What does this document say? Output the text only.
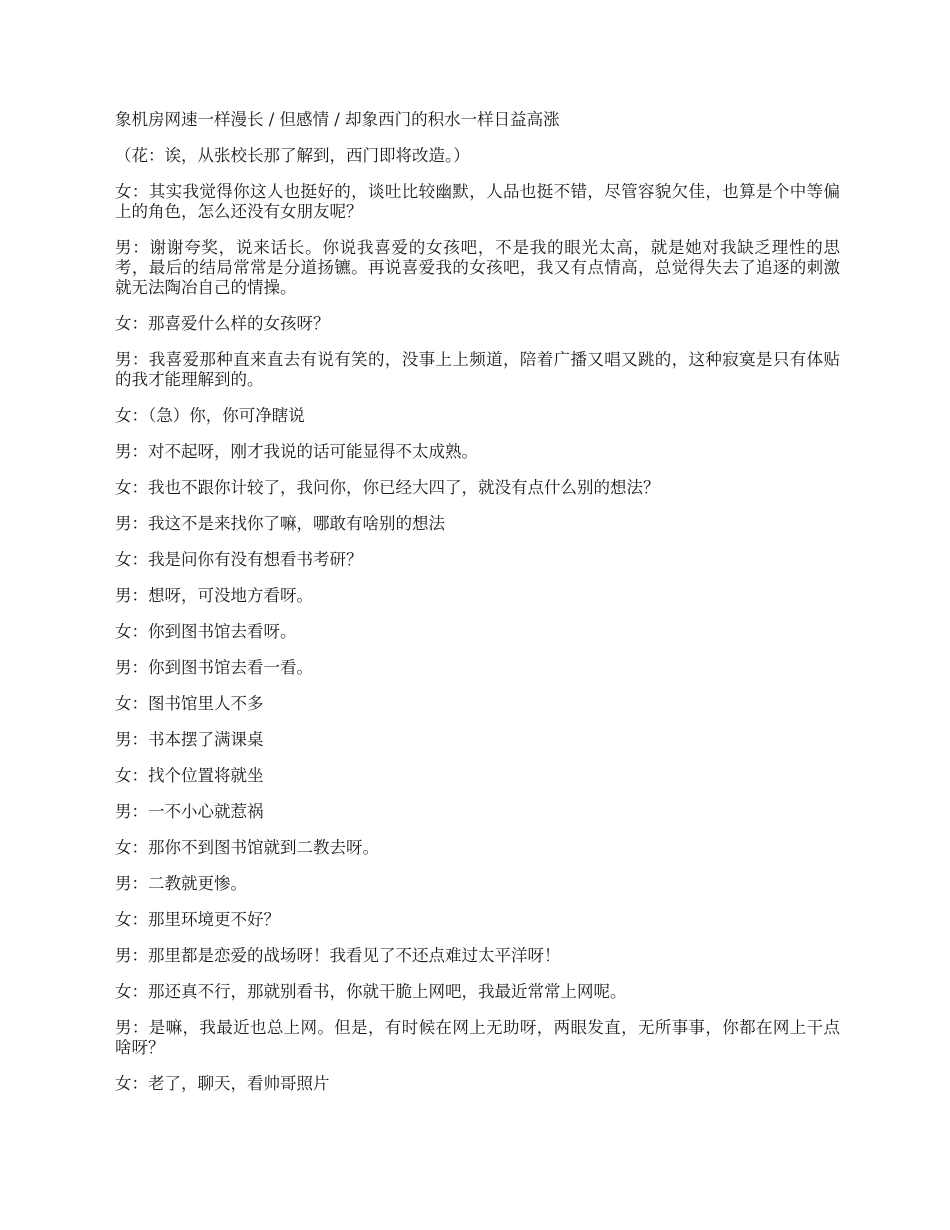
象机房网速一样漫长 / 但感情 / 却象西门的积水一样日益高涨

（花：诶，从张校长那了解到，西门即将改造。）

女：其实我觉得你这人也挺好的，谈吐比较幽默，人品也挺不错，尽管容貌欠佳，也算是个中等偏上的角色，怎么还没有女朋友呢？

男：谢谢夸奖，说来话长。你说我喜爱的女孩吧，不是我的眼光太高，就是她对我缺乏理性的思考，最后的结局常常是分道扬镳。再说喜爱我的女孩吧，我又有点情高，总觉得失去了追逐的刺激就无法陶冶自己的情操。

女：那喜爱什么样的女孩呀？

男：我喜爱那种直来直去有说有笑的，没事上上频道，陪着广播又唱又跳的，这种寂寞是只有体贴的我才能理解到的。

女：（急）你，你可净瞎说

男：对不起呀，刚才我说的话可能显得不太成熟。

女：我也不跟你计较了，我问你，你已经大四了，就没有点什么别的想法？

男：我这不是来找你了嘛，哪敢有啥别的想法

女：我是问你有没有想看书考研？

男：想呀，可没地方看呀。

女：你到图书馆去看呀。

男：你到图书馆去看一看。

女：图书馆里人不多

男：书本摆了满课桌

女：找个位置将就坐

男：一不小心就惹祸

女：那你不到图书馆就到二教去呀。

男：二教就更惨。

女：那里环境更不好？

男：那里都是恋爱的战场呀！我看见了不还点难过太平洋呀！

女：那还真不行，那就别看书，你就干脆上网吧，我最近常常上网呢。

男：是嘛，我最近也总上网。但是，有时候在网上无助呀，两眼发直，无所事事，你都在网上干点啥呀？

女：老了，聊天，看帅哥照片
